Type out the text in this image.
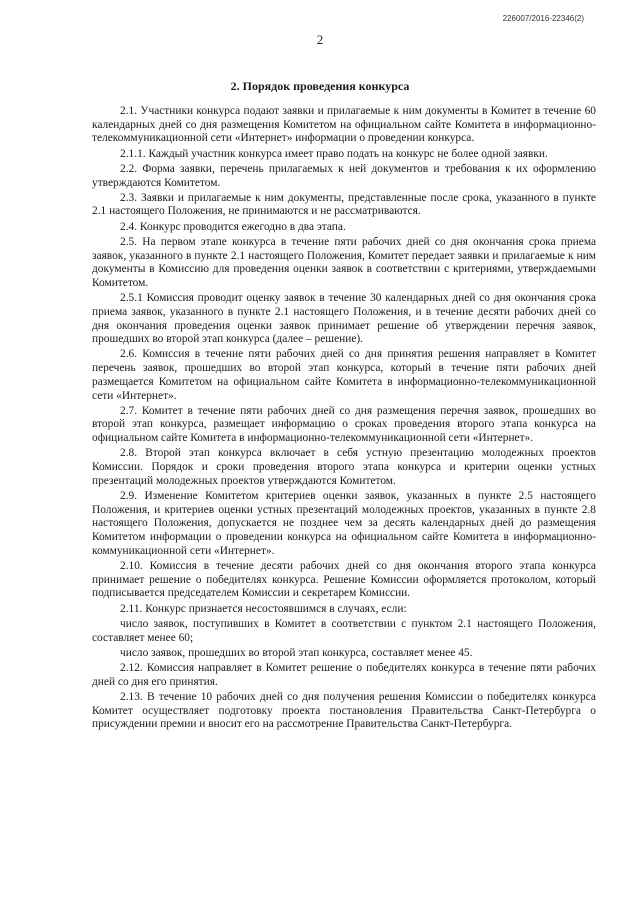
226007/2016-22346(2)
2
2. Порядок проведения конкурса

2.1. Участники конкурса подают заявки и прилагаемые к ним документы в Комитет в течение 60 календарных дней со дня размещения Комитетом на официальном сайте Комитета в информационно-телекоммуникационной сети «Интернет» информации о проведении конкурса.

2.1.1. Каждый участник конкурса имеет право подать на конкурс не более одной заявки.

2.2. Форма заявки, перечень прилагаемых к ней документов и требования к их оформлению утверждаются Комитетом.

2.3. Заявки и прилагаемые к ним документы, представленные после срока, указанного в пункте 2.1 настоящего Положения, не принимаются и не рассматриваются.

2.4. Конкурс проводится ежегодно в два этапа.

2.5. На первом этапе конкурса в течение пяти рабочих дней со дня окончания срока приема заявок, указанного в пункте 2.1 настоящего Положения, Комитет передает заявки и прилагаемые к ним документы в Комиссию для проведения оценки заявок в соответствии с критериями, утверждаемыми Комитетом.

2.5.1 Комиссия проводит оценку заявок в течение 30 календарных дней со дня окончания срока приема заявок, указанного в пункте 2.1 настоящего Положения, и в течение десяти рабочих дней со дня окончания проведения оценки заявок принимает решение об утверждении перечня заявок, прошедших во второй этап конкурса (далее – решение).

2.6. Комиссия в течение пяти рабочих дней со дня принятия решения направляет в Комитет перечень заявок, прошедших во второй этап конкурса, который в течение пяти рабочих дней размещается Комитетом на официальном сайте Комитета в информационно-телекоммуникационной сети «Интернет».

2.7. Комитет в течение пяти рабочих дней со дня размещения перечня заявок, прошедших во второй этап конкурса, размещает информацию о сроках проведения второго этапа конкурса на официальном сайте Комитета в информационно-телекоммуникационной сети «Интернет».

2.8. Второй этап конкурса включает в себя устную презентацию молодежных проектов Комиссии. Порядок и сроки проведения второго этапа конкурса и критерии оценки устных презентаций молодежных проектов утверждаются Комитетом.

2.9. Изменение Комитетом критериев оценки заявок, указанных в пункте 2.5 настоящего Положения, и критериев оценки устных презентаций молодежных проектов, указанных в пункте 2.8 настоящего Положения, допускается не позднее чем за десять календарных дней до размещения Комитетом информации о проведении конкурса на официальном сайте Комитета в информационно-коммуникационной сети «Интернет».

2.10. Комиссия в течение десяти рабочих дней со дня окончания второго этапа конкурса принимает решение о победителях конкурса. Решение Комиссии оформляется протоколом, который подписывается председателем Комиссии и секретарем Комиссии.

2.11. Конкурс признается несостоявшимся в случаях, если:

число заявок, поступивших в Комитет в соответствии с пунктом 2.1 настоящего Положения, составляет менее 60;

число заявок, прошедших во второй этап конкурса, составляет менее 45.

2.12. Комиссия направляет в Комитет решение о победителях конкурса в течение пяти рабочих дней со дня его принятия.

2.13. В течение 10 рабочих дней со дня получения решения Комиссии о победителях конкурса Комитет осуществляет подготовку проекта постановления Правительства Санкт-Петербурга о присуждении премии и вносит его на рассмотрение Правительства Санкт-Петербурга.
